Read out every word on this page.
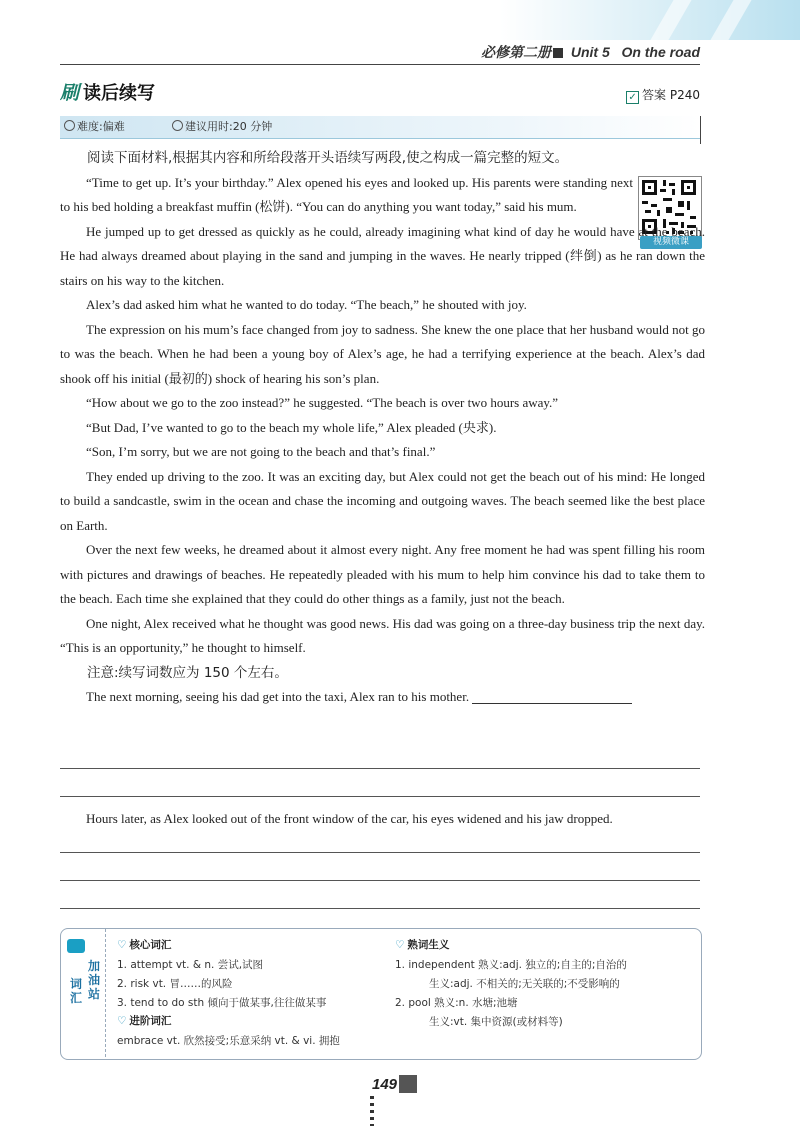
必修第二册 Unit 5 On the road
刷 读后续写	✓ 答案 P240
难度:偏难	建议用时:20 分钟
视频微课

阅读下面材料,根据其内容和所给段落开头语续写两段,使之构成一篇完整的短文。

“Time to get up. It’s your birthday.” Alex opened his eyes and looked up. His parents were standing next to his bed holding a breakfast muffin (松饼). “You can do anything you want today,” said his mum.

He jumped up to get dressed as quickly as he could, already imagining what kind of day he would have at the beach. He had always dreamed about playing in the sand and jumping in the waves. He nearly tripped (绊倒) as he ran down the stairs on his way to the kitchen.

Alex’s dad asked him what he wanted to do today. “The beach,” he shouted with joy.

The expression on his mum’s face changed from joy to sadness. She knew the one place that her husband would not go to was the beach. When he had been a young boy of Alex’s age, he had a terrifying experience at the beach. Alex’s dad shook off his initial (最初的) shock of hearing his son’s plan.

“How about we go to the zoo instead?” he suggested. “The beach is over two hours away.”

“But Dad, I’ve wanted to go to the beach my whole life,” Alex pleaded (央求).

“Son, I’m sorry, but we are not going to the beach and that’s final.”

They ended up driving to the zoo. It was an exciting day, but Alex could not get the beach out of his mind: He longed to build a sandcastle, swim in the ocean and chase the incoming and outgoing waves. The beach seemed like the best place on Earth.

Over the next few weeks, he dreamed about it almost every night. Any free moment he had was spent filling his room with pictures and drawings of beaches. He repeatedly pleaded with his mum to help him convince his dad to take them to the beach. Each time she explained that they could do other things as a family, just not the beach.

One night, Alex received what he thought was good news. His dad was going on a three-day business trip the next day. “This is an opportunity,” he thought to himself.

注意:续写词数应为 150 个左右。

The next morning, seeing his dad get into the taxi, Alex ran to his mother.

Hours later, as Alex looked out of the front window of the car, his eyes widened and his jaw dropped.
加油站
词汇
♡ 核心词汇
1. attempt vt. & n. 尝试,试图
2. risk vt. 冒……的风险
3. tend to do sth 倾向于做某事,往往做某事
♡ 进阶词汇
embrace vt. 欣然接受;乐意采纳 vt. & vi. 拥抱
♡ 熟词生义
1. independent 熟义:adj. 独立的;自主的;自治的
生义:adj. 不相关的;无关联的;不受影响的
2. pool 熟义:n. 水塘;池塘
生义:vt. 集中资源(或材料等)
149
